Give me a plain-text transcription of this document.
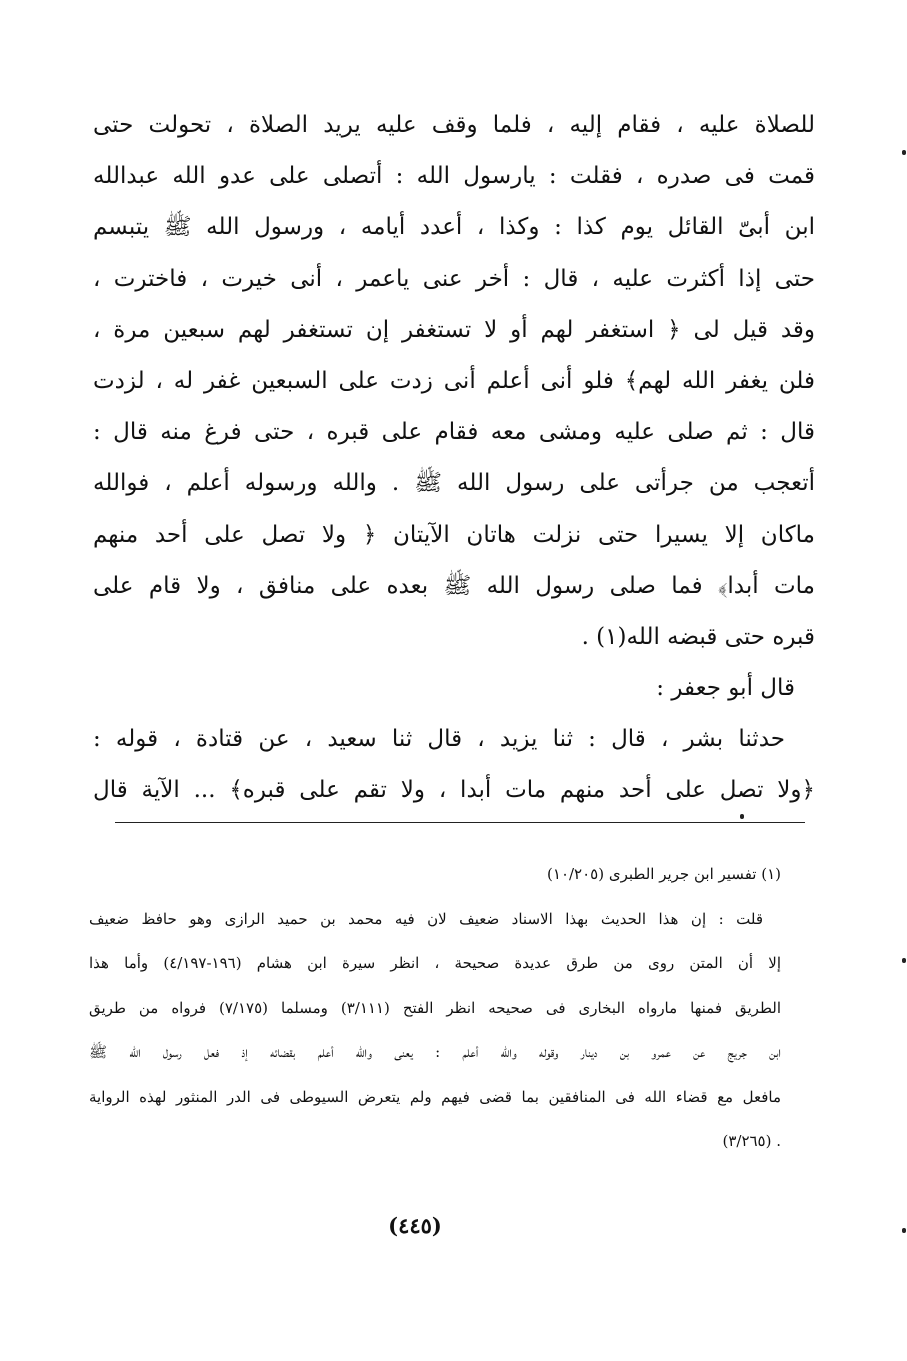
للصلاة عليه ، فقام إليه ، فلما وقف عليه يريد الصلاة ، تحولت حتى
قمت فى صدره ، فقلت : يارسول الله : أتصلى على عدو الله عبدالله
ابن أبىّ القائل يوم كذا : وكذا ، أعدد أيامه ، ورسول الله ﷺ يتبسم
حتى إذا أكثرت عليه ، قال : أخر عنى ياعمر ، أنى خيرت ، فاخترت ،
وقد قيل لى ﴿ استغفر لهم أو لا تستغفر إن تستغفر لهم سبعين مرة ،
فلن يغفر الله لهم﴾ فلو أنى أعلم أنى زدت على السبعين غفر له ، لزدت
قال : ثم صلى عليه ومشى معه فقام على قبره ، حتى فرغ منه قال :
أتعجب من جرأتى على رسول الله ﷺ . والله ورسوله أعلم ، فوالله
ماكان إلا يسيرا حتى نزلت هاتان الآيتان ﴿ ولا تصل على أحد منهم
مات أبدا﴾ فما صلى رسول الله ﷺ بعده على منافق ، ولا قام على
قبره حتى قبضه الله(١) .
قال أبو جعفر :
حدثنا بشر ، قال : ثنا يزيد ، قال ثنا سعيد ، عن قتادة ، قوله :
﴿ولا تصل على أحد منهم مات أبدا ، ولا تقم على قبره﴾ ... الآية قال
(١) تفسير ابن جرير الطبرى (١٠/٢٠٥)
قلت : إن هذا الحديث بهذا الاسناد ضعيف لان فيه محمد بن حميد الرازى وهو حافظ ضعيف
إلا أن المتن روى من طرق عديدة صحيحة ، انظر سيرة ابن هشام (١٩٦-٤/١٩٧) وأما هذا
الطريق فمنها مارواه البخارى فى صحيحه انظر الفتح (٣/١١١) ومسلما (٧/١٧٥) فرواه من طريق
ابن جريج عن عمرو بن دينار وقوله والله أعلم : يعنى والله أعلم بقضائه إذ فعل رسول الله ﷺ
مافعل مع قضاء الله فى المنافقين بما قضى فيهم ولم يتعرض السيوطى فى الدر المنثور لهذه الرواية
. (٣/٢٦٥)
(٤٤٥)
